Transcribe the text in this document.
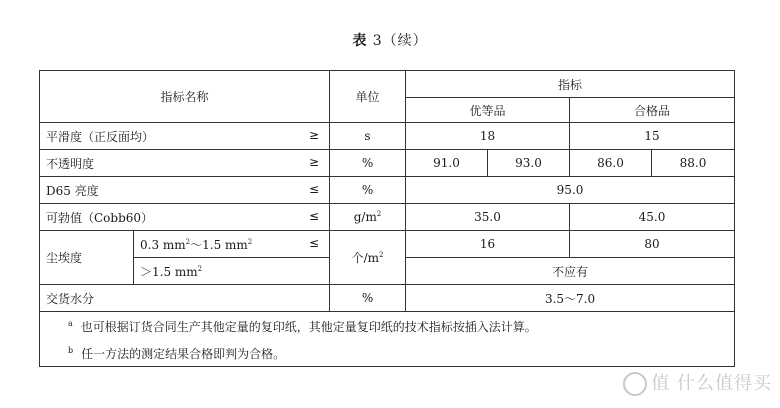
表 3（续）
指标名称		单位	指标			
			优等品		合格品	
平滑度（正反面均） ≥		s	18		15	
不透明度 ≥		%	91.0	93.0	86.0	88.0
D65 亮度 ≤		%	95.0			
可勃值（Cobb60） ≤		$g/m^2$	35.0		45.0	
尘埃度	0.3 $mm^2\sim 1.5$ $mm^2$ ≤	个$/m^2$	16		80	
	＞1.5 $mm^2$		不应有			
交货水分		%	3.5～7.0			

$^a$ 也可根据订货合同生产其他定量的复印纸，其他定量复印纸的技术指标按插入法计算。
$^b$ 任一方法的测定结果合格即判为合格。						
值 什么值得买
